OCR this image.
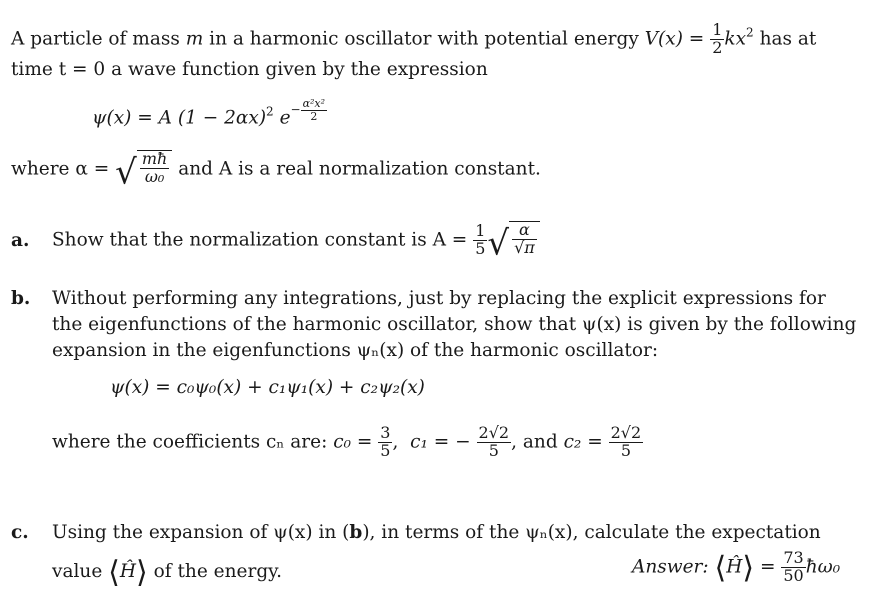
A particle of mass m in a harmonic oscillator with potential energy $V(x) = \frac{1}{2} kx^2$ has at
time t = 0 a wave function given by the expression
ψ(x) = A $(1 - 2\alpha x)^2$ $e- \frac{\text{α²x²}}{2}$
where α = √ $\frac{mħ}{\text{ω₀}}$ and A is a real normalization constant.
a. Show that the normalization constant is $A = \frac{1}{5}$ √ $\frac{\alpha}{√\pi}$
b. Without performing any integrations, just by replacing the explicit expressions for
the eigenfunctions of the harmonic oscillator, show that ψ(x) is given by the following
expansion in the eigenfunctions ψₙ(x) of the harmonic oscillator:
ψ(x) = c₀ψ₀(x) + c₁ψ₁(x) + c₂ψ₂(x)
where the coefficients cₙ are: $c_0 = \frac{3}{5}$ ,  c₁ = − $\frac{2√2}{5}$ , and $c_2 = \frac{2√2}{5}$
c. Using the expansion of ψ(x) in (b), in terms of the ψₙ(x), calculate the expectation
value ⟨Ĥ⟩ of the energy.	Answer: ⟨Ĥ⟩ = $\frac{73}{50}$ ħω₀
